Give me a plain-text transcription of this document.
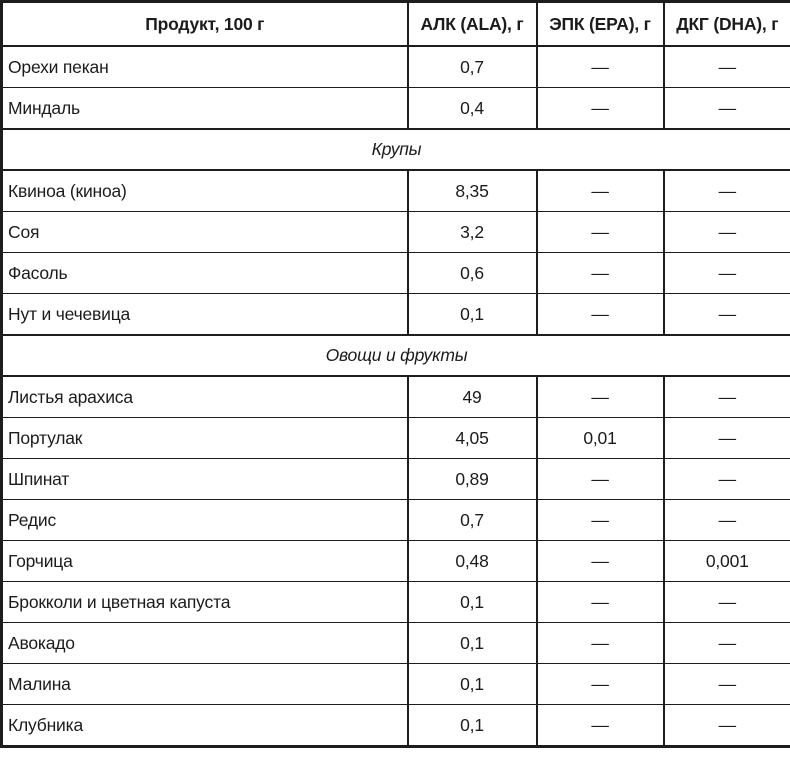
Продукт, 100 г	АЛК (ALA), г	ЭПК (EPA), г	ДКГ (DHA), г
Орехи пекан	0,7	—	—
Миндаль	0,4	—	—
Крупы			
Квиноа (киноа)	8,35	—	—
Соя	3,2	—	—
Фасоль	0,6	—	—
Нут и чечевица	0,1	—	—
Овощи и фрукты			
Листья арахиса	49	—	—
Портулак	4,05	0,01	—
Шпинат	0,89	—	—
Редис	0,7	—	—
Горчица	0,48	—	0,001
Брокколи и цветная капуста	0,1	—	—
Авокадо	0,1	—	—
Малина	0,1	—	—
Клубника	0,1	—	—
